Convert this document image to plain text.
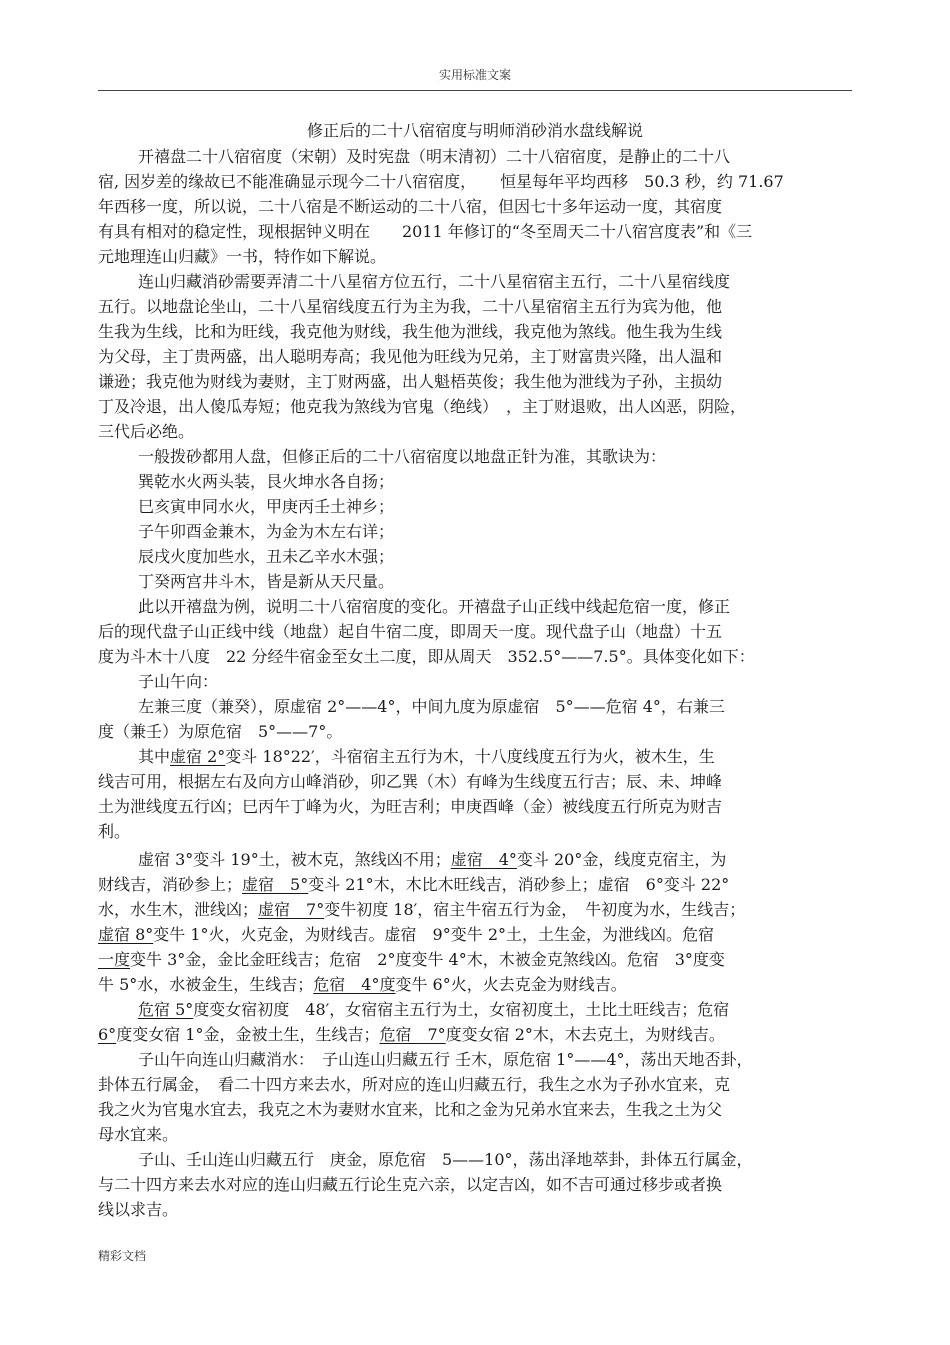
实用标准文案
修正后的二十八宿宿度与明师消砂消水盘线解说
开禧盘二十八宿宿度（宋朝）及时宪盘（明末清初）二十八宿宿度，是静止的二十八
宿, 因岁差的缘故已不能准确显示现今二十八宿宿度，　　恒星每年平均西移　50.3 秒，约 71.67
年西移一度，所以说，二十八宿是不断运动的二十八宿，但因七十多年运动一度，其宿度
有具有相对的稳定性，现根据钟义明在　　2011 年修订的“冬至周天二十八宿宫度表”和《三
元地理连山归藏》一书，特作如下解说。
连山归藏消砂需要弄清二十八星宿方位五行，二十八星宿宿主五行，二十八星宿线度
五行。以地盘论坐山，二十八星宿线度五行为主为我，二十八星宿宿主五行为宾为他，他
生我为生线，比和为旺线，我克他为财线，我生他为泄线，我克他为煞线。他生我为生线
为父母，主丁贵两盛，出人聪明寿高；我见他为旺线为兄弟，主丁财富贵兴隆，出人温和
谦逊；我克他为财线为妻财，主丁财两盛，出人魁梧英俊；我生他为泄线为子孙，主损幼
丁及冷退，出人傻瓜寿短；他克我为煞线为官鬼（绝线）　，主丁财退败，出人凶恶，阴险，
三代后必绝。
一般拨砂都用人盘，但修正后的二十八宿宿度以地盘正针为准，其歌诀为：
巽乾水火两头装，艮火坤水各自扬；
巳亥寅申同水火，甲庚丙壬土神乡；
子午卯酉金兼木，为金为木左右详；
辰戌火度加些水，丑未乙辛水木强；
丁癸两宫井斗木，皆是新从天尺量。
此以开禧盘为例，说明二十八宿宿度的变化。开禧盘子山正线中线起危宿一度，修正
后的现代盘子山正线中线（地盘）起自牛宿二度，即周天一度。现代盘子山（地盘）十五
度为斗木十八度　22 分经牛宿金至女土二度，即从周天　352.5°——7.5°。具体变化如下：
子山午向：
左兼三度（兼癸），原虚宿 2°——4°，中间九度为原虚宿　5°——危宿 4°，右兼三
度（兼壬）为原危宿　5°——7°。
其中虚宿 2°变斗 18°22′，斗宿宿主五行为木，十八度线度五行为火，被木生，生
线吉可用，根据左右及向方山峰消砂，卯乙巽（木）有峰为生线度五行吉；辰、未、坤峰
土为泄线度五行凶；巳丙午丁峰为火，为旺吉利；申庚酉峰（金）被线度五行所克为财吉
利。
虚宿 3°变斗 19°土，被木克，煞线凶不用；虚宿　4°变斗 20°金，线度克宿主，为
财线吉，消砂参上；虚宿　5°变斗 21°木，木比木旺线吉，消砂参上；虚宿　6°变斗 22°
水，水生木，泄线凶；虚宿　7°变牛初度 18′，宿主牛宿五行为金，　牛初度为水，生线吉；
虚宿 8°变牛 1°火，火克金，为财线吉。虚宿　9°变牛 2°土，土生金，为泄线凶。危宿
一度变牛 3°金，金比金旺线吉；危宿　2°度变牛 4°木，木被金克煞线凶。危宿　3°度变
牛 5°水，水被金生，生线吉；危宿　4°度变牛 6°火，火去克金为财线吉。
危宿 5°度变女宿初度　48′，女宿宿主五行为土，女宿初度土，土比土旺线吉；危宿
6°度变女宿 1°金，金被土生，生线吉；危宿　7°度变女宿 2°木，木去克土，为财线吉。
子山午向连山归藏消水：　子山连山归藏五行 壬木，原危宿 1°——4°，荡出天地否卦，
卦体五行属金，　看二十四方来去水，所对应的连山归藏五行，我生之水为子孙水宜来，克
我之火为官鬼水宜去，我克之木为妻财水宜来，比和之金为兄弟水宜来去，生我之土为父
母水宜来。
子山、壬山连山归藏五行　庚金，原危宿　5——10°，荡出泽地萃卦，卦体五行属金，
与二十四方来去水对应的连山归藏五行论生克六亲，以定吉凶，如不吉可通过移步或者换
线以求吉。
精彩文档
